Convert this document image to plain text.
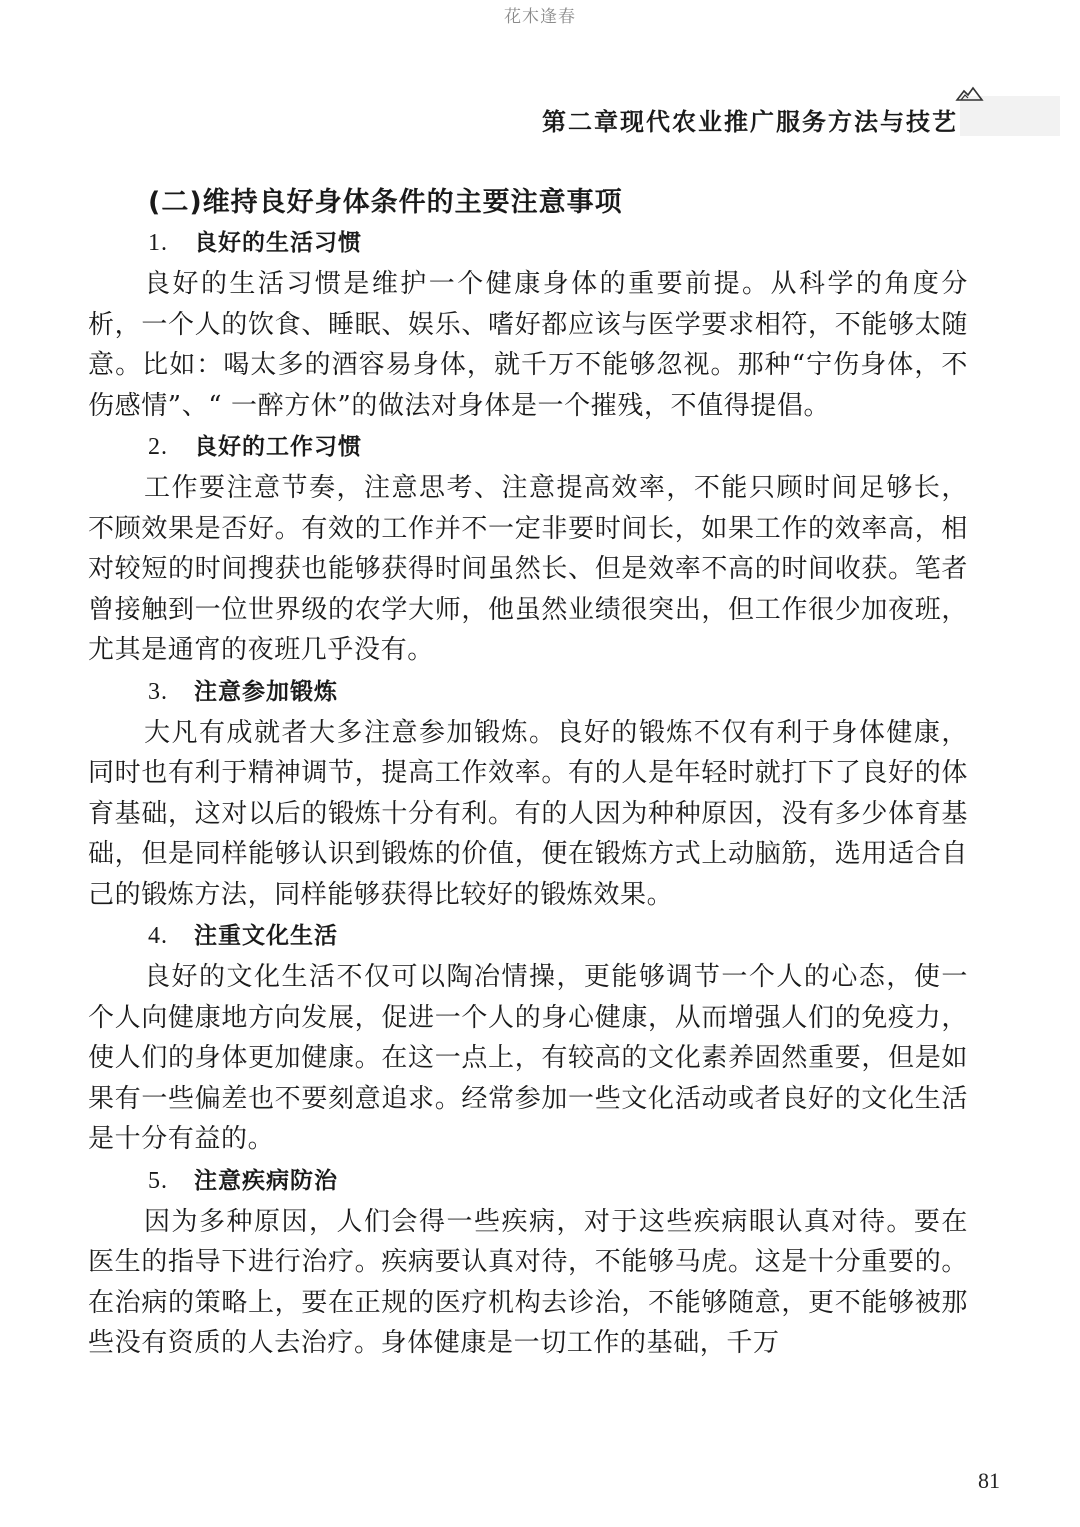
花木逢春
第二章现代农业推广服务方法与技艺
(二)维持良好身体条件的主要注意事项
1. 良好的生活习惯

良好的生活习惯是维护一个健康身体的重要前提。从科学的角度分析，一个人的饮食、睡眠、娱乐、嗜好都应该与医学要求相符，不能够太随意。比如：喝太多的酒容易身体，就千万不能够忽视。那种“宁伤身体，不伤感情”、“ 一醉方休”的做法对身体是一个摧残，不值得提倡。

2. 良好的工作习惯

工作要注意节奏，注意思考、注意提高效率，不能只顾时间足够长，不顾效果是否好。有效的工作并不一定非要时间长，如果工作的效率高，相对较短的时间搜获也能够获得时间虽然长、但是效率不高的时间收获。笔者曾接触到一位世界级的农学大师，他虽然业绩很突出，但工作很少加夜班，尤其是通宵的夜班几乎没有。

3. 注意参加锻炼

大凡有成就者大多注意参加锻炼。良好的锻炼不仅有利于身体健康，同时也有利于精神调节，提高工作效率。有的人是年轻时就打下了良好的体育基础，这对以后的锻炼十分有利。有的人因为种种原因，没有多少体育基础，但是同样能够认识到锻炼的价值，便在锻炼方式上动脑筋，选用适合自己的锻炼方法，同样能够获得比较好的锻炼效果。

4. 注重文化生活

良好的文化生活不仅可以陶冶情操，更能够调节一个人的心态，使一个人向健康地方向发展，促进一个人的身心健康，从而增强人们的免疫力，使人们的身体更加健康。在这一点上，有较高的文化素养固然重要，但是如果有一些偏差也不要刻意追求。经常参加一些文化活动或者良好的文化生活是十分有益的。

5. 注意疾病防治

因为多种原因，人们会得一些疾病，对于这些疾病眼认真对待。要在医生的指导下进行治疗。疾病要认真对待，不能够马虎。这是十分重要的。在治病的策略上，要在正规的医疗机构去诊治，不能够随意，更不能够被那些没有资质的人去治疗。身体健康是一切工作的基础，千万

81
